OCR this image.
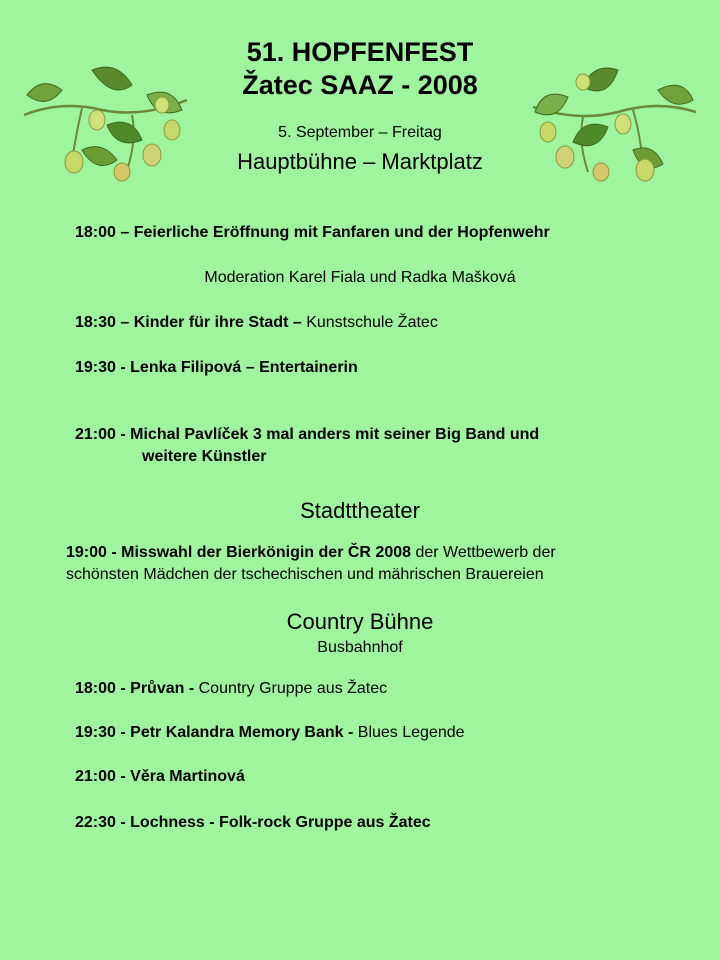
51. HOPFENFEST
Žatec SAAZ - 2008
5. September – Freitag
Hauptbühne – Marktplatz
18:00 – Feierliche Eröffnung mit Fanfaren und der Hopfenwehr
Moderation Karel Fiala und Radka Mašková
18:30 – Kinder für ihre Stadt – Kunstschule Žatec
19:30 - Lenka Filipová – Entertainerin
21:00 - Michal Pavlíček 3 mal anders mit seiner Big Band und
weitere Künstler
Stadttheater
19:00 - Misswahl der Bierkönigin der ČR 2008 der Wettbewerb der
schönsten Mädchen der tschechischen und mährischen Brauereien
Country Bühne
Busbahnhof
18:00 - Průvan - Country Gruppe aus Žatec
19:30 - Petr Kalandra Memory Bank - Blues Legende
21:00 - Věra Martinová
22:30 - Lochness - Folk-rock Gruppe aus Žatec
